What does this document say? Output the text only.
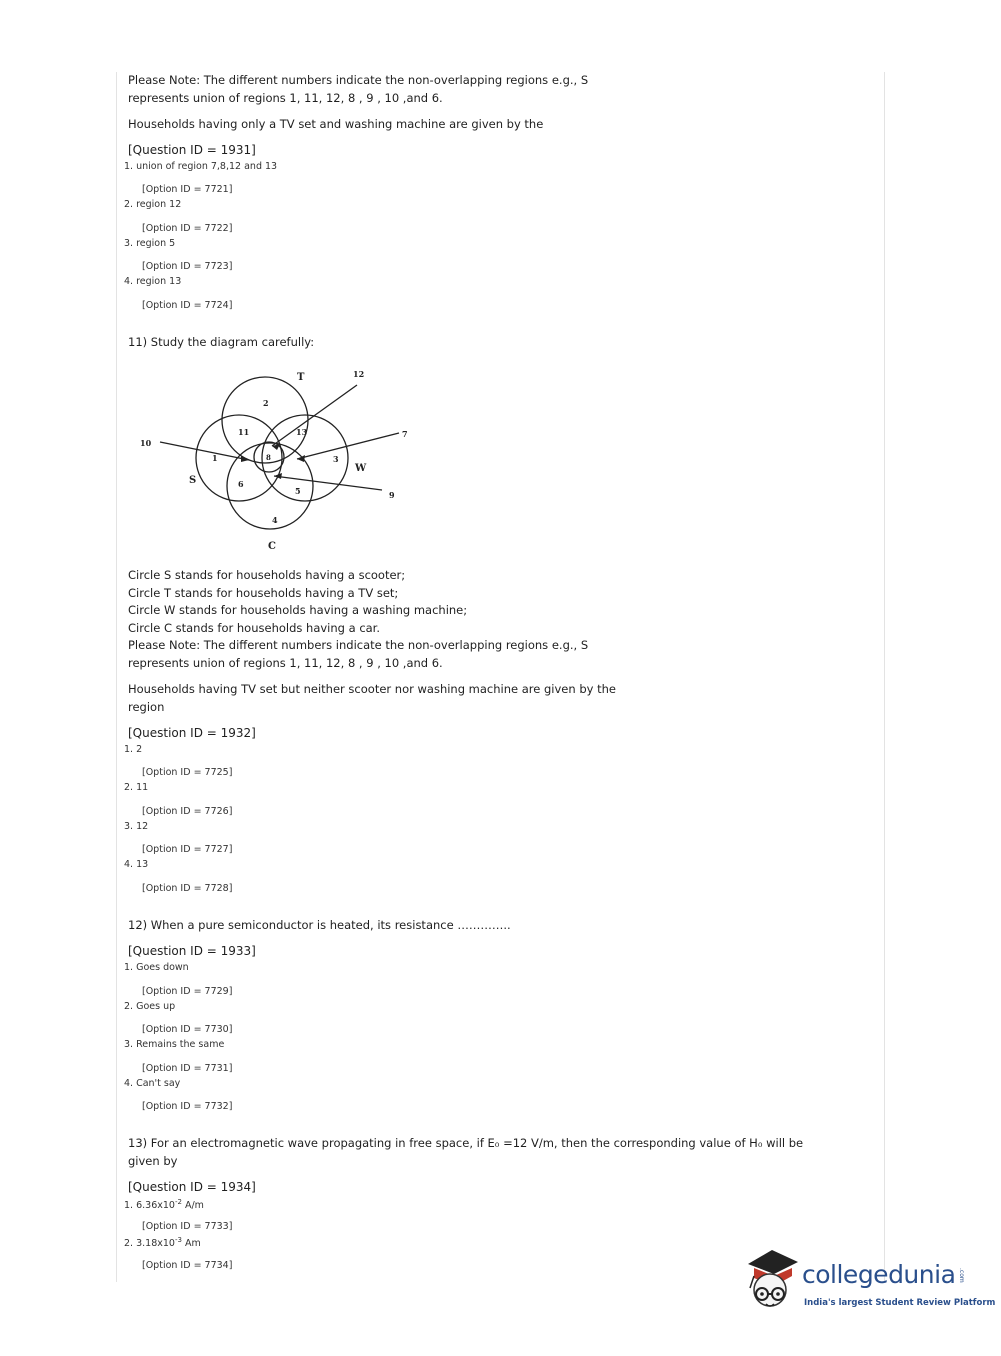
Please Note: The different numbers indicate the non-overlapping regions e.g., S
represents union of regions 1, 11, 12, 8 , 9 , 10 ,and 6.
Households having only a TV set and washing machine are given by the
[Question ID = 1931]
1. union of region 7,8,12 and 13
[Option ID = 7721]
2. region 12
[Option ID = 7722]
3. region 5
[Option ID = 7723]
4. region 13
[Option ID = 7724]
11) Study the diagram carefully:
T
S
W
C
12
2
10
11	13	7
1	8	3
6
5	9
4
Circle S stands for households having a scooter;
Circle T stands for households having a TV set;
Circle W stands for households having a washing machine;
Circle C stands for households having a car.
Please Note: The different numbers indicate the non-overlapping regions e.g., S
represents union of regions 1, 11, 12, 8 , 9 , 10 ,and 6.
Households having TV set but neither scooter nor washing machine are given by the
region
[Question ID = 1932]
1. 2
[Option ID = 7725]
2. 11
[Option ID = 7726]
3. 12
[Option ID = 7727]
4. 13
[Option ID = 7728]
12) When a pure semiconductor is heated, its resistance …………..
[Question ID = 1933]
1. Goes down
[Option ID = 7729]
2. Goes up
[Option ID = 7730]
3. Remains the same
[Option ID = 7731]
4. Can't say
[Option ID = 7732]
13) For an electromagnetic wave propagating in free space, if E₀ =12 V/m, then the corresponding value of H₀ will be
given by
[Question ID = 1934]
1. $6.36x10^{-2}$ A/m
[Option ID = 7733]
2. $3.18x10^{-3}$ Am
[Option ID = 7734]	collegedunia .com
India's largest Student Review Platform
